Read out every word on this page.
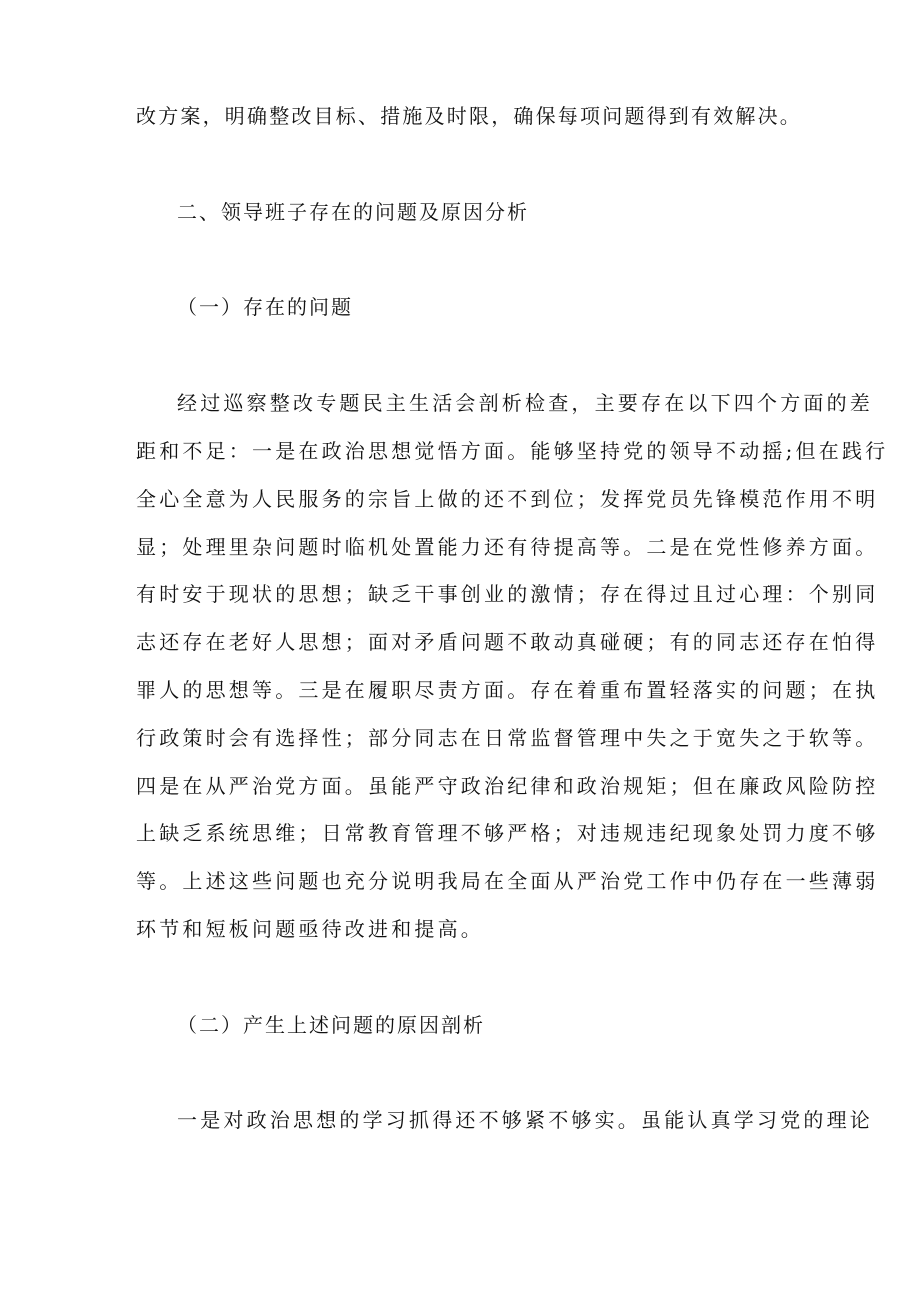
改方案，明确整改目标、措施及时限，确保每项问题得到有效解决。
二、领导班子存在的问题及原因分析
（一）存在的问题
经过巡察整改专题民主生活会剖析检查，主要存在以下四个方面的差
距和不足：一是在政治思想觉悟方面。能够坚持党的领导不动摇;但在践行
全心全意为人民服务的宗旨上做的还不到位；发挥党员先锋模范作用不明
显；处理里杂问题时临机处置能力还有待提高等。二是在党性修养方面。
有时安于现状的思想；缺乏干事创业的激情；存在得过且过心理：个别同
志还存在老好人思想；面对矛盾问题不敢动真碰硬；有的同志还存在怕得
罪人的思想等。三是在履职尽责方面。存在着重布置轻落实的问题；在执
行政策时会有选择性；部分同志在日常监督管理中失之于宽失之于软等。
四是在从严治党方面。虽能严守政治纪律和政治规矩；但在廉政风险防控
上缺乏系统思维；日常教育管理不够严格；对违规违纪现象处罚力度不够
等。上述这些问题也充分说明我局在全面从严治党工作中仍存在一些薄弱
环节和短板问题亟待改进和提高。
（二）产生上述问题的原因剖析
一是对政治思想的学习抓得还不够紧不够实。虽能认真学习党的理论
